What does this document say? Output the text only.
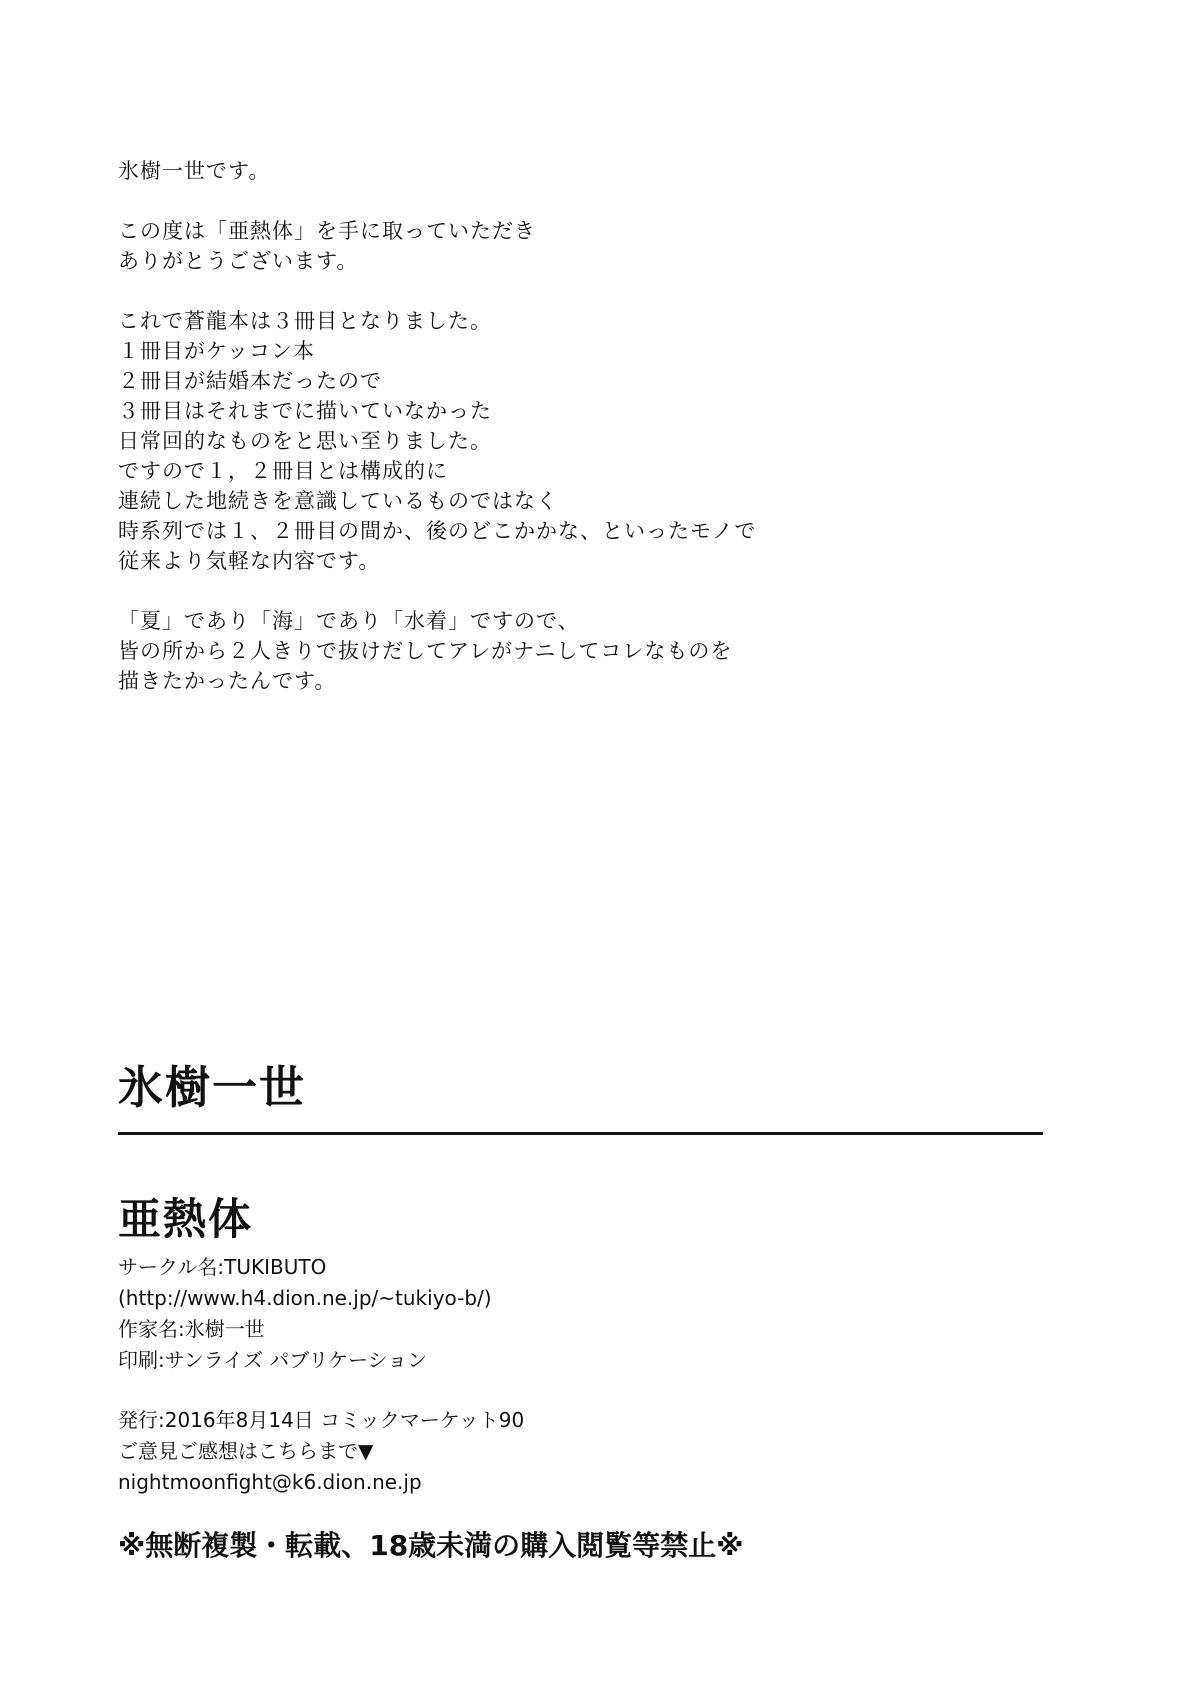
氷樹一世です。
この度は「亜熱体」を手に取っていただき
ありがとうございます。
これで蒼龍本は３冊目となりました。
１冊目がケッコン本
２冊目が結婚本だったので
３冊目はそれまでに描いていなかった
日常回的なものをと思い至りました。
ですので１，２冊目とは構成的に
連続した地続きを意識しているものではなく
時系列では１、２冊目の間か、後のどこかかな、といったモノで
従来より気軽な内容です。
「夏」であり「海」であり「水着」ですので、
皆の所から２人きりで抜けだしてアレがナニしてコレなものを
描きたかったんです。
氷樹一世
亜熱体
サークル名:TUKIBUTO
(http://www.h4.dion.ne.jp/~tukiyo-b/)
作家名:氷樹一世
印刷:サンライズ パブリケーション
発行:2016年8月14日 コミックマーケット90
ご意見ご感想はこちらまで▼
nightmoonfight@k6.dion.ne.jp
※無断複製・転載、18歳未満の購入閲覧等禁止※
